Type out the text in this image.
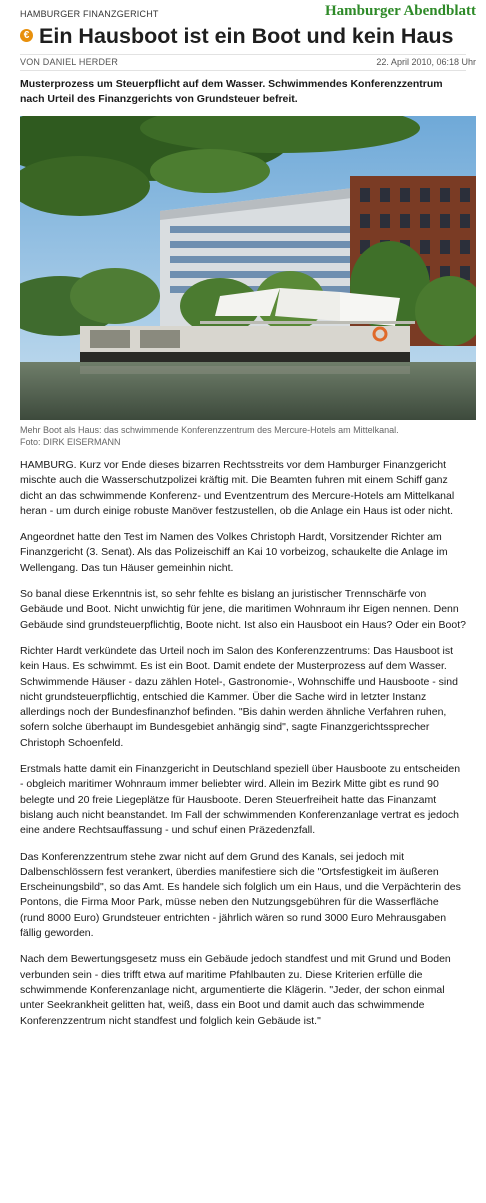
HAMBURGER FINANZGERICHT	Hamburger Abendblatt
€ Ein Hausboot ist ein Boot und kein Haus
VON DANIEL HERDER	22. April 2010, 06:18 Uhr

Musterprozess um Steuerpflicht auf dem Wasser. Schwimmendes Konferenzzentrum nach Urteil des Finanzgerichts von Grundsteuer befreit.

Mehr Boot als Haus: das schwimmende Konferenzzentrum des Mercure-Hotels am Mittelkanal.
Foto: DIRK EISERMANN

HAMBURG. Kurz vor Ende dieses bizarren Rechtsstreits vor dem Hamburger Finanzgericht mischte auch die Wasserschutzpolizei kräftig mit. Die Beamten fuhren mit einem Schiff ganz dicht an das schwimmende Konferenz- und Eventzentrum des Mercure-Hotels am Mittelkanal heran - um durch einige robuste Manöver festzustellen, ob die Anlage ein Haus ist oder nicht.

Angeordnet hatte den Test im Namen des Volkes Christoph Hardt, Vorsitzender Richter am Finanzgericht (3. Senat). Als das Polizeischiff an Kai 10 vorbeizog, schaukelte die Anlage im Wellengang. Das tun Häuser gemeinhin nicht.

So banal diese Erkenntnis ist, so sehr fehlte es bislang an juristischer Trennschärfe von Gebäude und Boot. Nicht unwichtig für jene, die maritimen Wohnraum ihr Eigen nennen. Denn Gebäude sind grundsteuerpflichtig, Boote nicht. Ist also ein Hausboot ein Haus? Oder ein Boot?

Richter Hardt verkündete das Urteil noch im Salon des Konferenzzentrums: Das Hausboot ist kein Haus. Es schwimmt. Es ist ein Boot. Damit endete der Musterprozess auf dem Wasser. Schwimmende Häuser - dazu zählen Hotel-, Gastronomie-, Wohnschiffe und Hausboote - sind nicht grundsteuerpflichtig, entschied die Kammer. Über die Sache wird in letzter Instanz allerdings noch der Bundesfinanzhof befinden. "Bis dahin werden ähnliche Verfahren ruhen, sofern solche überhaupt im Bundesgebiet anhängig sind", sagte Finanzgerichtssprecher Christoph Schoenfeld.

Erstmals hatte damit ein Finanzgericht in Deutschland speziell über Hausboote zu entscheiden - obgleich maritimer Wohnraum immer beliebter wird. Allein im Bezirk Mitte gibt es rund 90 belegte und 20 freie Liegeplätze für Hausboote. Deren Steuerfreiheit hatte das Finanzamt bislang auch nicht beanstandet. Im Fall der schwimmenden Konferenzanlage vertrat es jedoch eine andere Rechtsauffassung - und schuf einen Präzedenzfall.

Das Konferenzzentrum stehe zwar nicht auf dem Grund des Kanals, sei jedoch mit Dalbenschlössern fest verankert, überdies manifestiere sich die "Ortsfestigkeit im äußeren Erscheinungsbild", so das Amt. Es handele sich folglich um ein Haus, und die Verpächterin des Pontons, die Firma Moor Park, müsse neben den Nutzungsgebühren für die Wasserfläche (rund 8000 Euro) Grundsteuer entrichten - jährlich wären so rund 3000 Euro Mehrausgaben fällig geworden.

Nach dem Bewertungsgesetz muss ein Gebäude jedoch standfest und mit Grund und Boden verbunden sein - dies trifft etwa auf maritime Pfahlbauten zu. Diese Kriterien erfülle die schwimmende Konferenzanlage nicht, argumentierte die Klägerin. "Jeder, der schon einmal unter Seekrankheit gelitten hat, weiß, dass ein Boot und damit auch das schwimmende Konferenzzentrum nicht standfest und folglich kein Gebäude ist."
